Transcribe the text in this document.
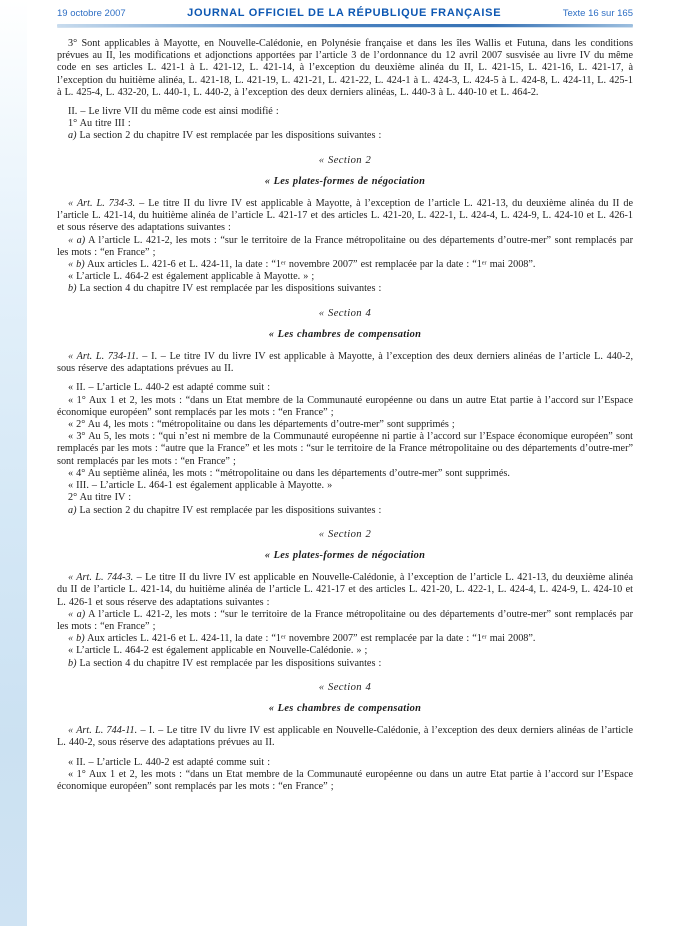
19 octobre 2007	JOURNAL OFFICIEL DE LA RÉPUBLIQUE FRANÇAISE	Texte 16 sur 165

3° Sont applicables à Mayotte, en Nouvelle-Calédonie, en Polynésie française et dans les îles Wallis et Futuna, dans les conditions prévues au II, les modifications et adjonctions apportées par l’article 3 de l’ordonnance du 12 avril 2007 susvisée au livre IV du même code en ses articles L. 421-1 à L. 421-12, L. 421-14, à l’exception du deuxième alinéa du II, L. 421-15, L. 421-16, L. 421-17, à l’exception du huitième alinéa, L. 421-18, L. 421-19, L. 421-21, L. 421-22, L. 424-1 à L. 424-3, L. 424-5 à L. 424-8, L. 424-11, L. 425-1 à L. 425-4, L. 432-20, L. 440-1, L. 440-2, à l’exception des deux derniers alinéas, L. 440-3 à L. 440-10 et L. 464-2.

II. – Le livre VII du même code est ainsi modifié :

1° Au titre III :

a) La section 2 du chapitre IV est remplacée par les dispositions suivantes :

« Section 2

« Les plates-formes de négociation

« Art. L. 734-3. – Le titre II du livre IV est applicable à Mayotte, à l’exception de l’article L. 421-13, du deuxième alinéa du II de l’article L. 421-14, du huitième alinéa de l’article L. 421-17 et des articles L. 421-20, L. 422-1, L. 424-4, L. 424-9, L. 424-10 et L. 426-1 et sous réserve des adaptations suivantes :

« a) A l’article L. 421-2, les mots : “sur le territoire de la France métropolitaine ou des départements d’outre-mer” sont remplacés par les mots : “en France” ;

« b) Aux articles L. 421-6 et L. 424-11, la date : “1ᵉʳ novembre 2007” est remplacée par la date : “1ᵉʳ mai 2008”.

« L’article L. 464-2 est également applicable à Mayotte. » ;

b) La section 4 du chapitre IV est remplacée par les dispositions suivantes :

« Section 4

« Les chambres de compensation

« Art. L. 734-11. – I. – Le titre IV du livre IV est applicable à Mayotte, à l’exception des deux derniers alinéas de l’article L. 440-2, sous réserve des adaptations prévues au II.

« II. – L’article L. 440-2 est adapté comme suit :

« 1° Aux 1 et 2, les mots : “dans un Etat membre de la Communauté européenne ou dans un autre Etat partie à l’accord sur l’Espace économique européen” sont remplacés par les mots : “en France” ;

« 2° Au 4, les mots : “métropolitaine ou dans les départements d’outre-mer” sont supprimés ;

« 3° Au 5, les mots : “qui n’est ni membre de la Communauté européenne ni partie à l’accord sur l’Espace économique européen” sont remplacés par les mots : “autre que la France” et les mots : “sur le territoire de la France métropolitaine ou des départements d’outre-mer” sont remplacés par les mots : “en France” ;

« 4° Au septième alinéa, les mots : “métropolitaine ou dans les départements d’outre-mer” sont supprimés.

« III. – L’article L. 464-1 est également applicable à Mayotte. »

2° Au titre IV :

a) La section 2 du chapitre IV est remplacée par les dispositions suivantes :

« Section 2

« Les plates-formes de négociation

« Art. L. 744-3. – Le titre II du livre IV est applicable en Nouvelle-Calédonie, à l’exception de l’article L. 421-13, du deuxième alinéa du II de l’article L. 421-14, du huitième alinéa de l’article L. 421-17 et des articles L. 421-20, L. 422-1, L. 424-4, L. 424-9, L. 424-10 et L. 426-1 et sous réserve des adaptations suivantes :

« a) A l’article L. 421-2, les mots : “sur le territoire de la France métropolitaine ou des départements d’outre-mer” sont remplacés par les mots : “en France” ;

« b) Aux articles L. 421-6 et L. 424-11, la date : “1ᵉʳ novembre 2007” est remplacée par la date : “1ᵉʳ mai 2008”.

« L’article L. 464-2 est également applicable en Nouvelle-Calédonie. » ;

b) La section 4 du chapitre IV est remplacée par les dispositions suivantes :

« Section 4

« Les chambres de compensation

« Art. L. 744-11. – I. – Le titre IV du livre IV est applicable en Nouvelle-Calédonie, à l’exception des deux derniers alinéas de l’article L. 440-2, sous réserve des adaptations prévues au II.

« II. – L’article L. 440-2 est adapté comme suit :

« 1° Aux 1 et 2, les mots : “dans un Etat membre de la Communauté européenne ou dans un autre Etat partie à l’accord sur l’Espace économique européen” sont remplacés par les mots : “en France” ;
